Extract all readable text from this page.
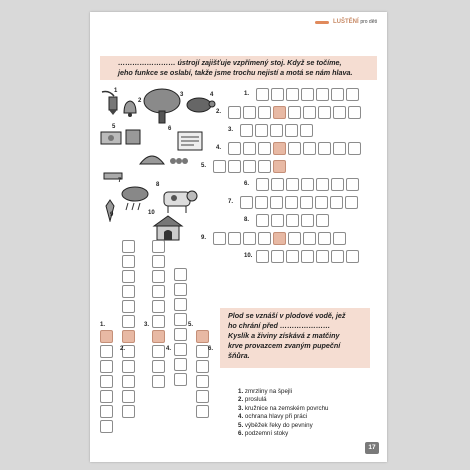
LUŠTĚNÍ pro děti
…………………… ústrojí zajišťuje vzpřímený stoj. Když se točíme,
jeho funkce se oslabí, takže jsme trochu nejistí a motá se nám hlava.
1
2
3	4
5	6
7
8
9	10
Plod se vznáší v plodové vodě, jež
ho chrání před …………………
Kyslík a živiny získává z matčiny
krve provazcem zvaným pupeční
šňůra.
1. zmrzliny na špejli
2. proslulá
3. kružnice na zemském povrchu
4. ochrana hlavy při práci
5. výběžek řeky do pevniny
6. podzemní stoky
17
1.
2.
3.
4.
5.
6.
7.
8.
9.
10.
1.
2.
3.
4.
5.
6.
